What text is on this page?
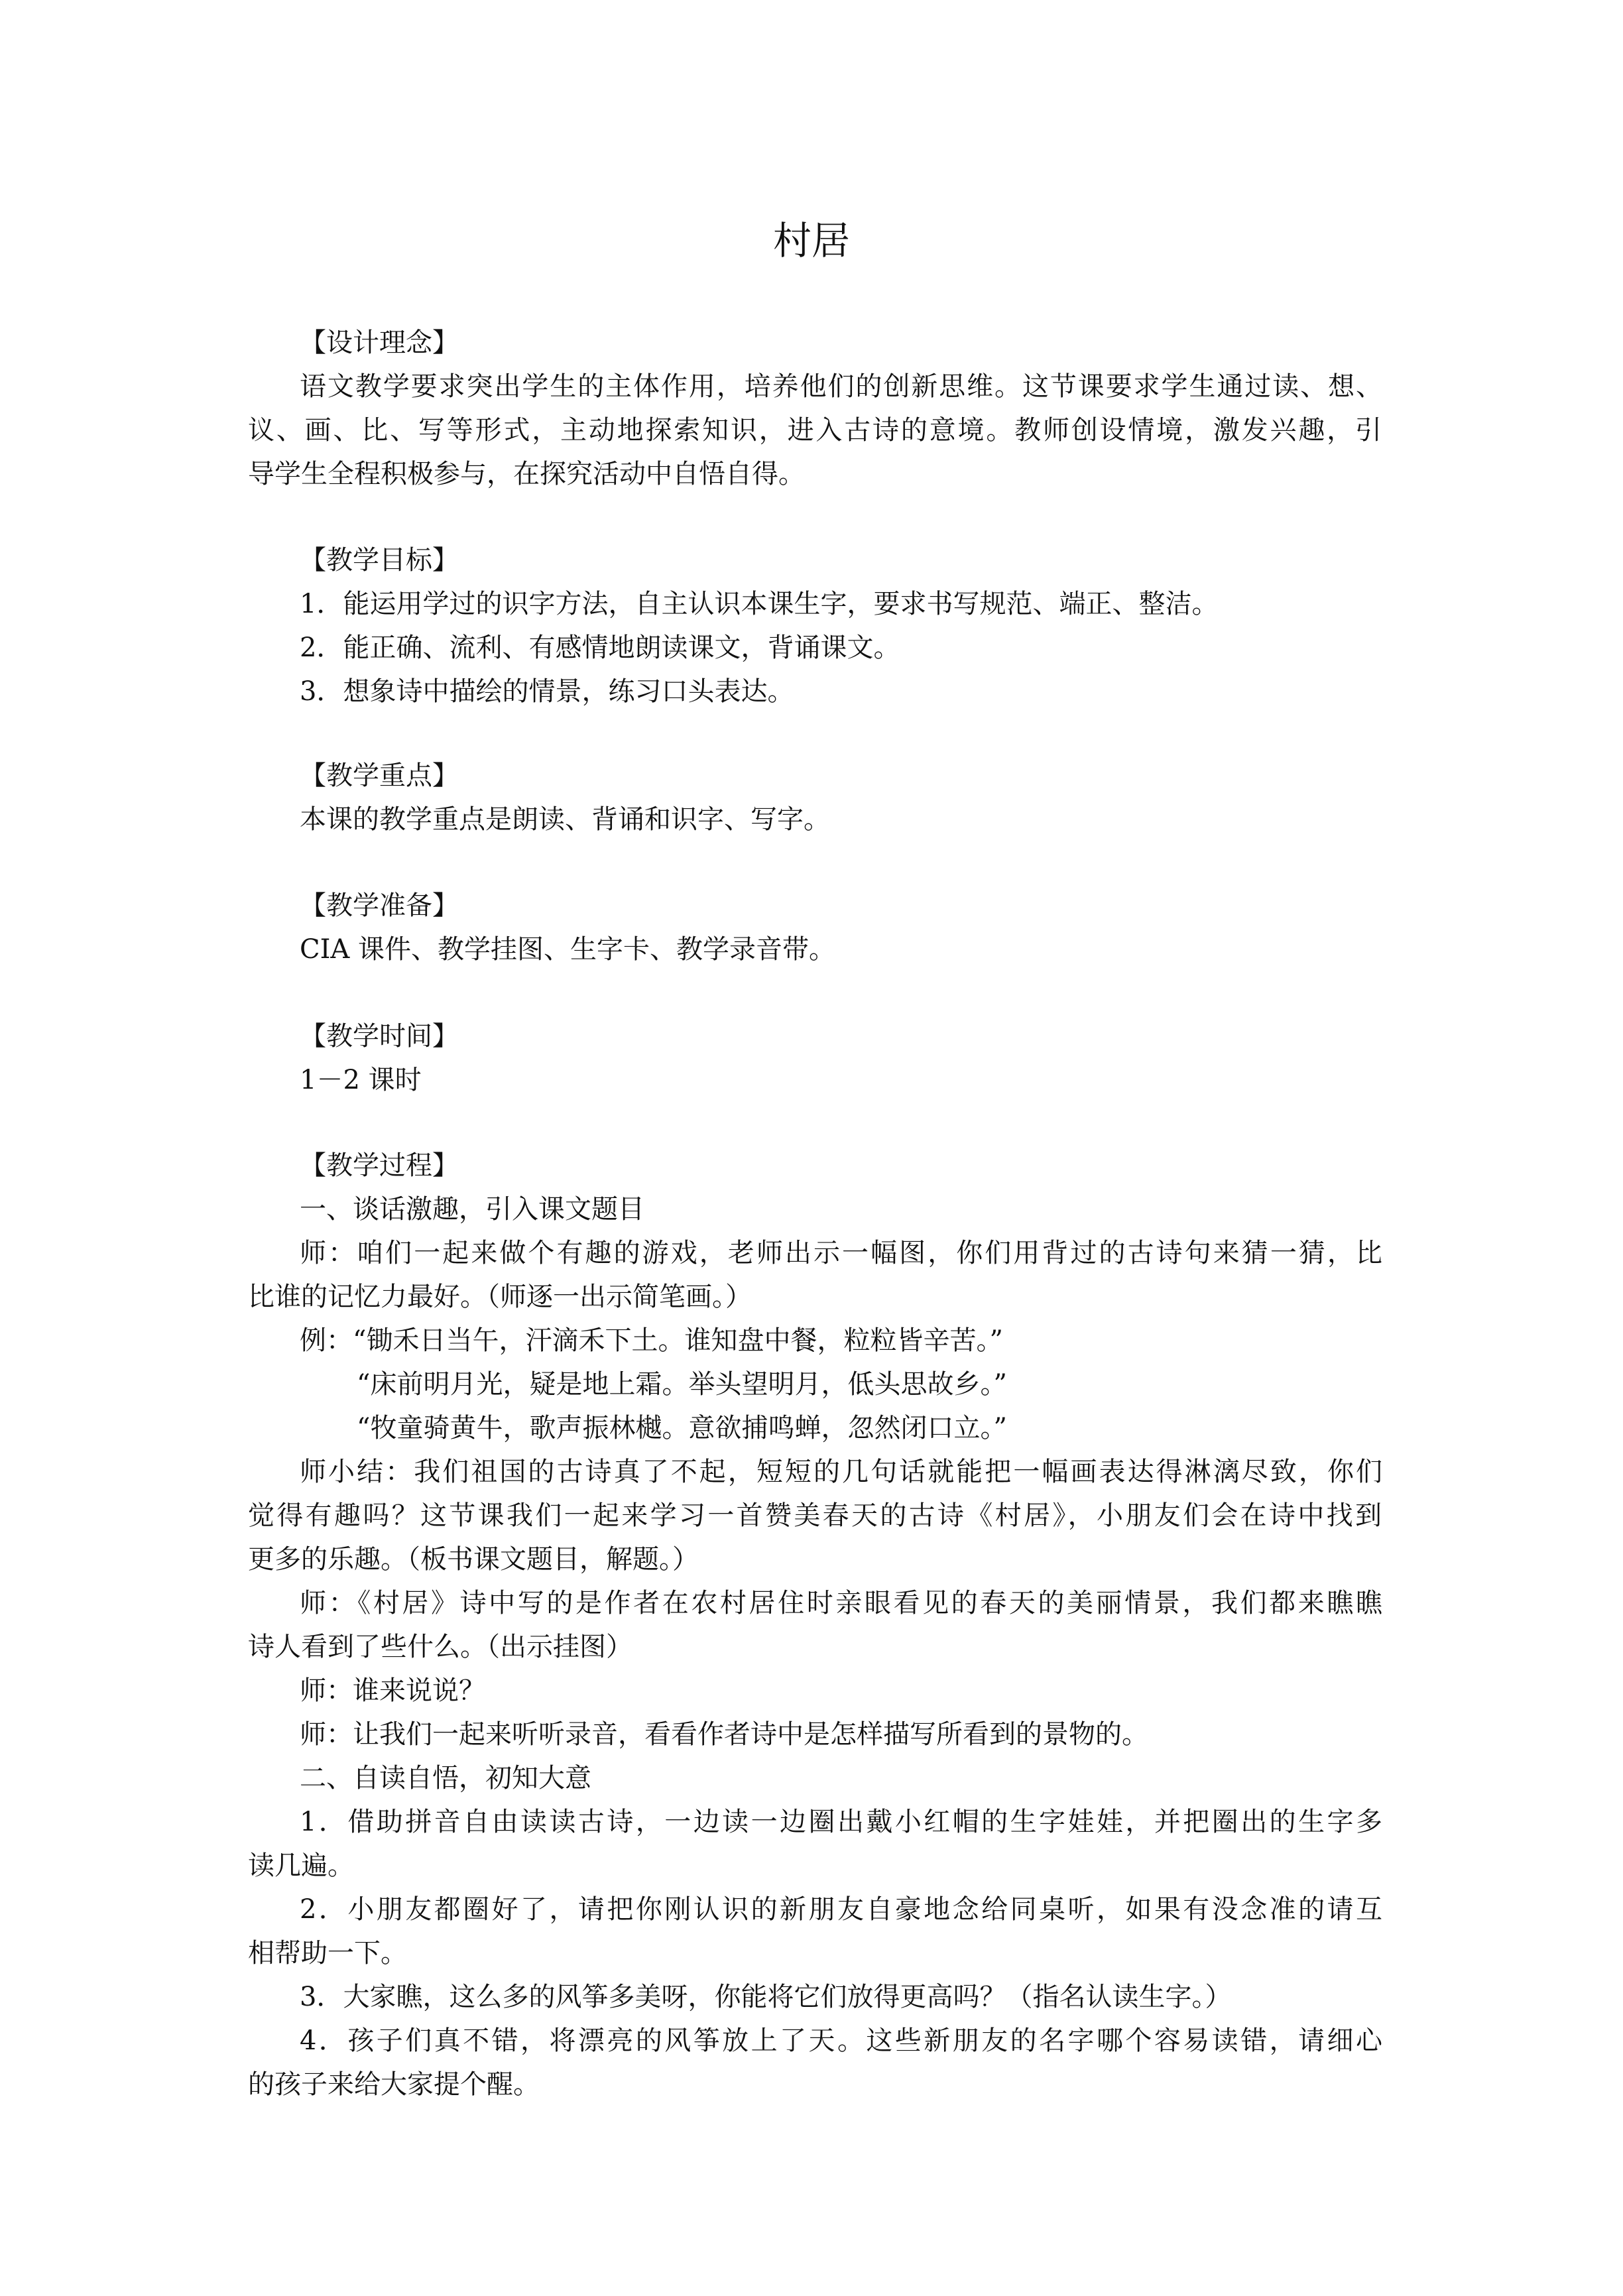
村居
【设计理念】
语文教学要求突出学生的主体作用，培养他们的创新思维。这节课要求学生通过读、想、
议、画、比、写等形式，主动地探索知识，进入古诗的意境。教师创设情境，激发兴趣，引
导学生全程积极参与，在探究活动中自悟自得。
【教学目标】
1．能运用学过的识字方法，自主认识本课生字，要求书写规范、端正、整洁。
2．能正确、流利、有感情地朗读课文，背诵课文。
3．想象诗中描绘的情景，练习口头表达。
【教学重点】
本课的教学重点是朗读、背诵和识字、写字。
【教学准备】
CIA 课件、教学挂图、生字卡、教学录音带。
【教学时间】
1－2 课时
【教学过程】
一、谈话激趣，引入课文题目
师：咱们一起来做个有趣的游戏，老师出示一幅图，你们用背过的古诗句来猜一猜，比
比谁的记忆力最好。（师逐一出示简笔画。）
例：“锄禾日当午，汗滴禾下土。谁知盘中餐，粒粒皆辛苦。”
“床前明月光，疑是地上霜。举头望明月，低头思故乡。”
“牧童骑黄牛，歌声振林樾。意欲捕鸣蝉，忽然闭口立。”
师小结：我们祖国的古诗真了不起，短短的几句话就能把一幅画表达得淋漓尽致，你们
觉得有趣吗？这节课我们一起来学习一首赞美春天的古诗《村居》，小朋友们会在诗中找到
更多的乐趣。（板书课文题目，解题。）
师：《村居》诗中写的是作者在农村居住时亲眼看见的春天的美丽情景，我们都来瞧瞧
诗人看到了些什么。（出示挂图）
师：谁来说说？
师：让我们一起来听听录音，看看作者诗中是怎样描写所看到的景物的。
二、自读自悟，初知大意
1．借助拼音自由读读古诗，一边读一边圈出戴小红帽的生字娃娃，并把圈出的生字多
读几遍。
2．小朋友都圈好了，请把你刚认识的新朋友自豪地念给同桌听，如果有没念准的请互
相帮助一下。
3．大家瞧，这么多的风筝多美呀，你能将它们放得更高吗？（指名认读生字。）
4．孩子们真不错，将漂亮的风筝放上了天。这些新朋友的名字哪个容易读错，请细心
的孩子来给大家提个醒。
